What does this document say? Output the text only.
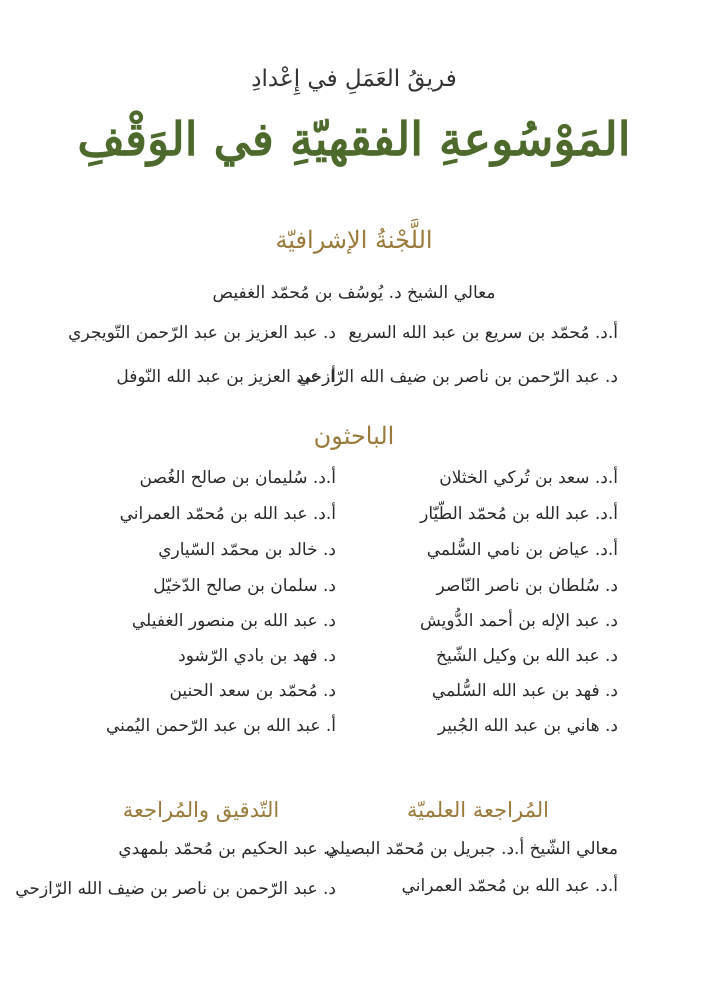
فريقُ العَمَلِ في إِعْدادِ
المَوْسُوعةِ الفقهيّةِ في الوَقْفِ
اللَّجْنةُ الإشرافيّة
معالي الشيخ د. يُوسُف بن مُحمّد الغفيص
أ.د. مُحمّد بن سريع بن عبد الله السريع
د. عبد العزيز بن عبد الرّحمن التّويجري
د. عبد الرّحمن بن ناصر بن ضيف الله الرّازحي
أ. عبد العزيز بن عبد الله النّوفل
الباحثون
أ.د. سعد بن تُركي الخثلان
أ.د. عبد الله بن مُحمّد الطّيّار
أ.د. عياض بن نامي السُّلمي
د. سُلطان بن ناصر النّاصر
د. عبد الإله بن أحمد الدُّويش
د. عبد الله بن وكيل الشّيخ
د. فهد بن عبد الله السُّلمي
د. هاني بن عبد الله الجُبير
أ.د. سُليمان بن صالح الغُصن
أ.د. عبد الله بن مُحمّد العمراني
د. خالد بن محمّد السّياري
د. سلمان بن صالح الدّخيّل
د. عبد الله بن منصور الغفيلي
د. فهد بن بادي الرّشود
د. مُحمّد بن سعد الحنين
أ. عبد الله بن عبد الرّحمن اليُمني
المُراجعة العلميّة
معالي الشّيخ أ.د. جبريل بن مُحمّد البصيلي
أ.د. عبد الله بن مُحمّد العمراني
التّدقيق والمُراجعة
د. عبد الحكيم بن مُحمّد بلمهدي
د. عبد الرّحمن بن ناصر بن ضيف الله الرّازحي
